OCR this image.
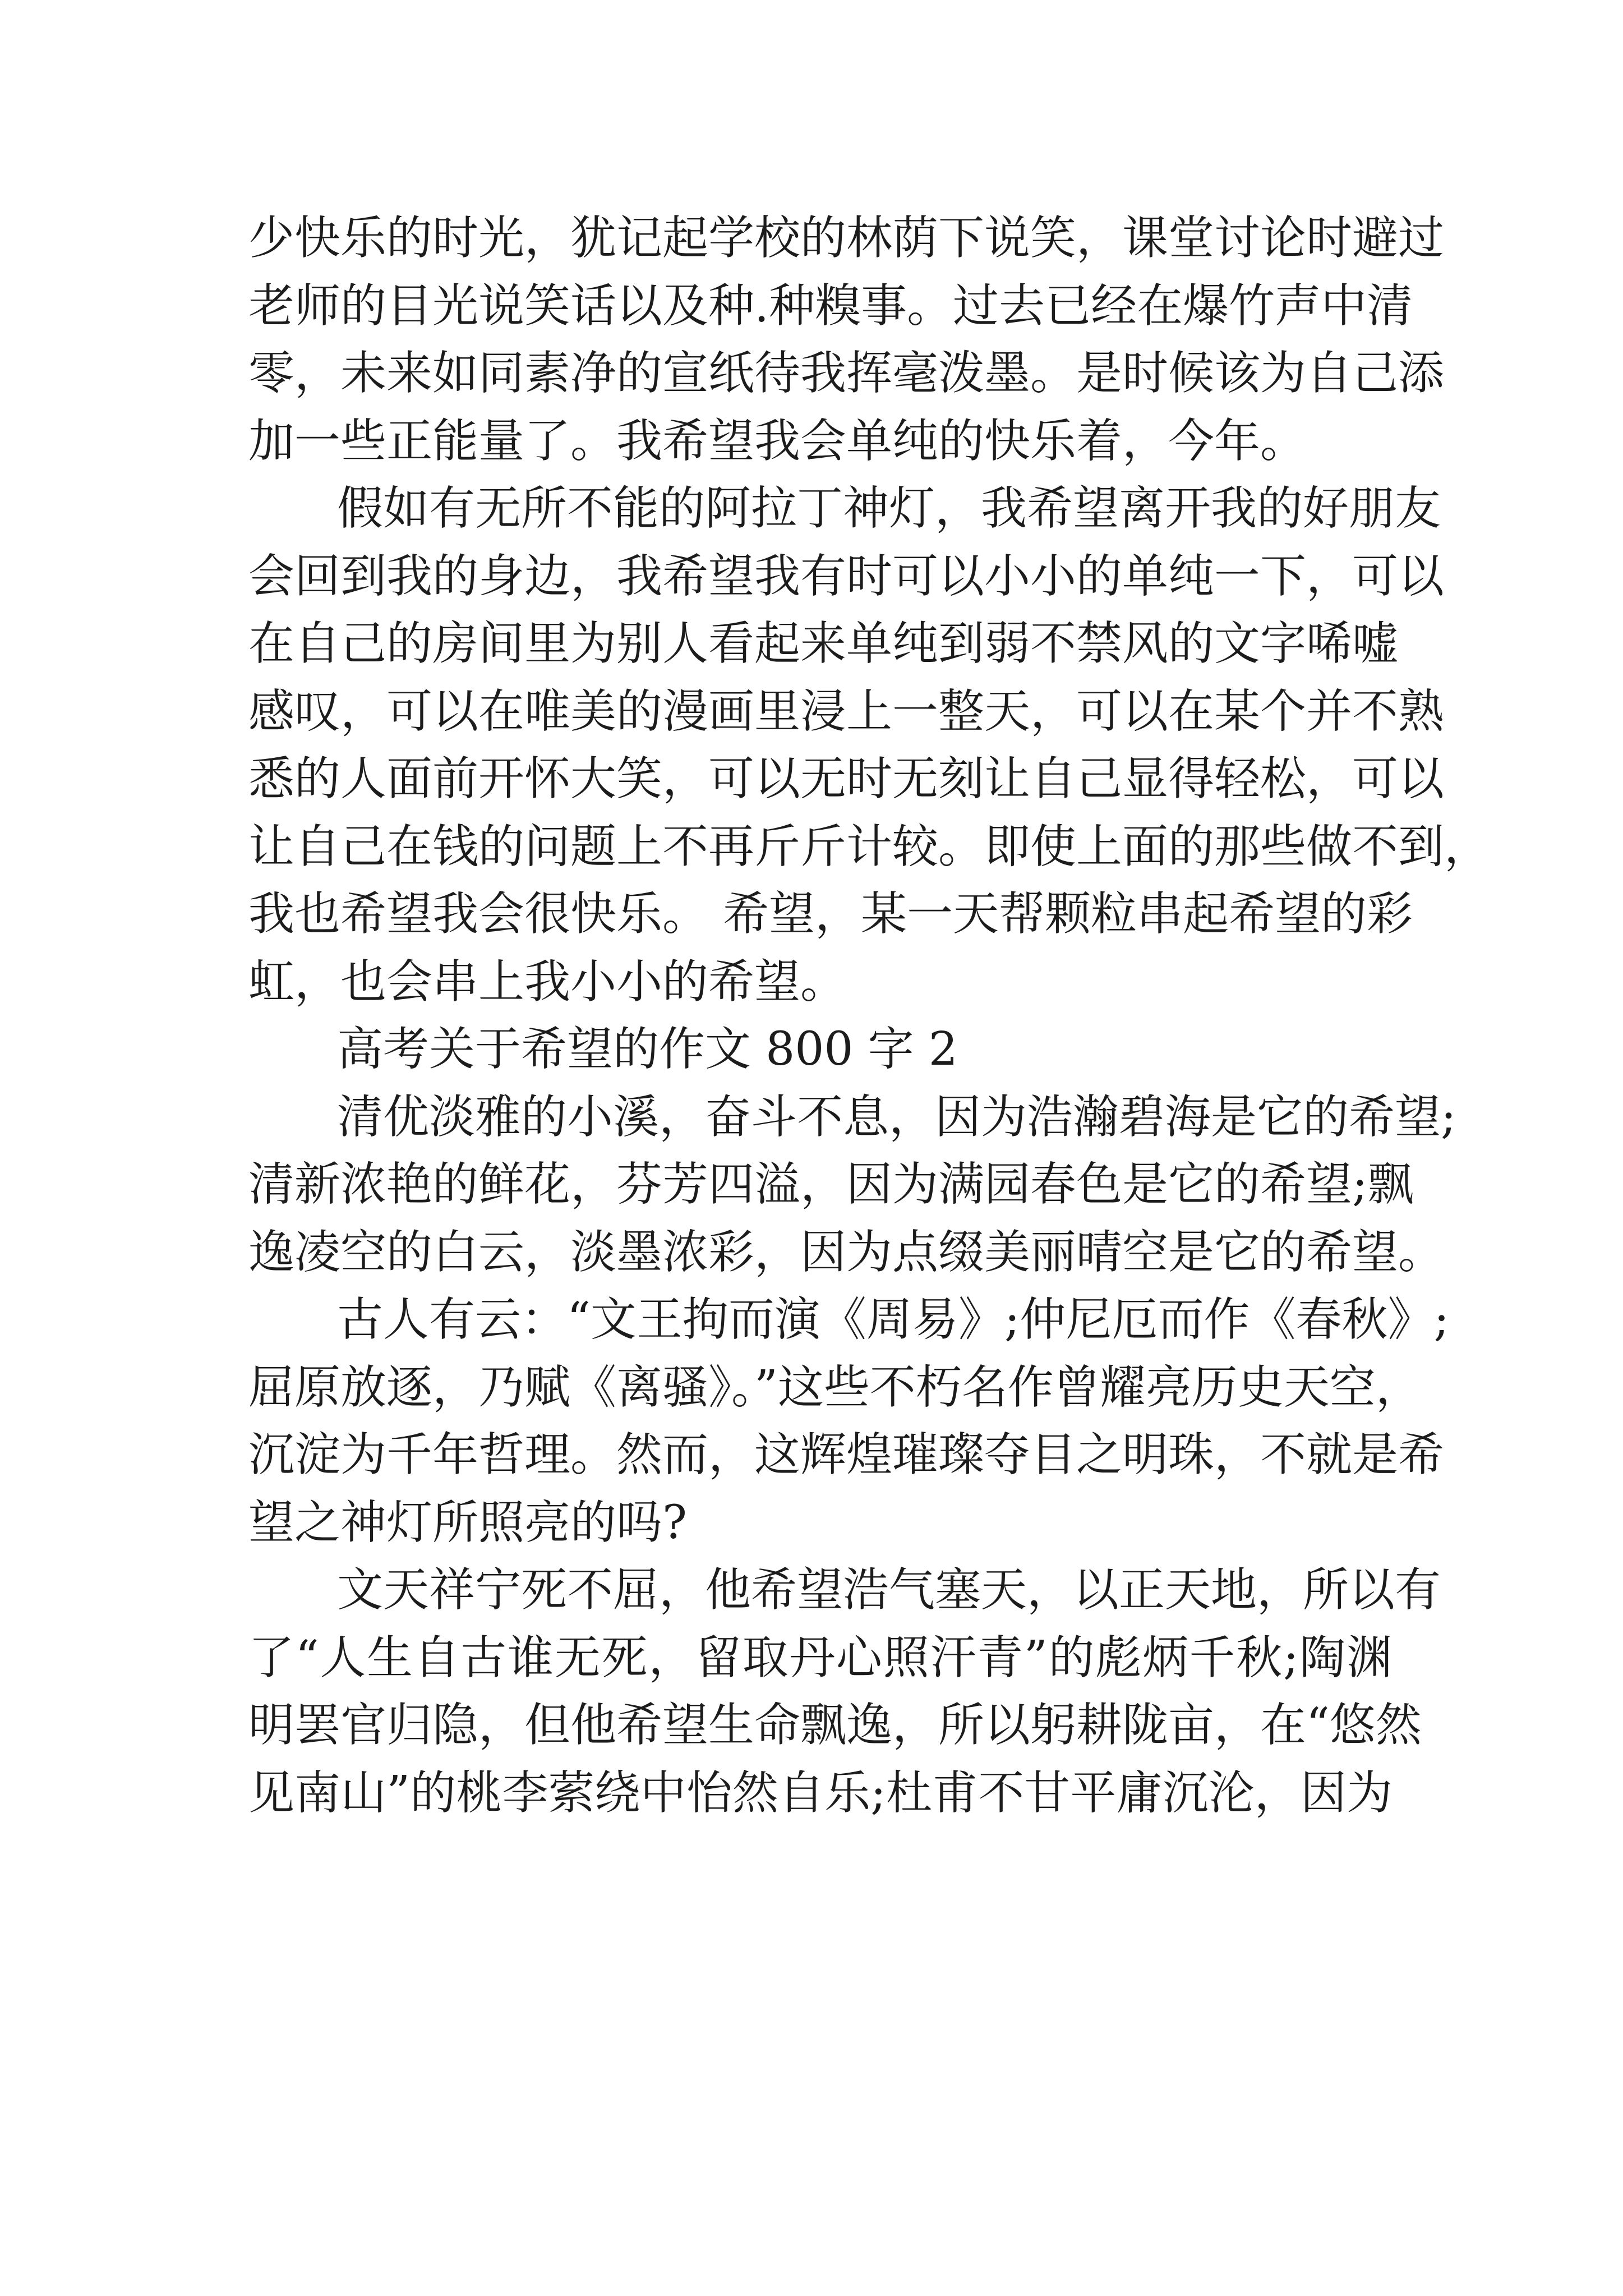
少快乐的时光，犹记起学校的林荫下说笑，课堂讨论时避过
老师的目光说笑话以及种.种糗事。过去已经在爆竹声中清
零，未来如同素净的宣纸待我挥毫泼墨。是时候该为自己添
加一些正能量了。我希望我会单纯的快乐着，今年。
假如有无所不能的阿拉丁神灯，我希望离开我的好朋友
会回到我的身边，我希望我有时可以小小的单纯一下，可以
在自己的房间里为别人看起来单纯到弱不禁风的文字唏嘘
感叹，可以在唯美的漫画里浸上一整天，可以在某个并不熟
悉的人面前开怀大笑，可以无时无刻让自己显得轻松，可以
让自己在钱的问题上不再斤斤计较。即使上面的那些做不到，
我也希望我会很快乐。 希望，某一天帮颗粒串起希望的彩
虹，也会串上我小小的希望。
高考关于希望的作文 800 字 2
清优淡雅的小溪，奋斗不息，因为浩瀚碧海是它的希望;
清新浓艳的鲜花，芬芳四溢，因为满园春色是它的希望;飘
逸凌空的白云，淡墨浓彩，因为点缀美丽晴空是它的希望。
古人有云：“文王拘而演《周易》;仲尼厄而作《春秋》;
屈原放逐，乃赋《离骚》。”这些不朽名作曾耀亮历史天空，
沉淀为千年哲理。然而，这辉煌璀璨夺目之明珠，不就是希
望之神灯所照亮的吗?
文天祥宁死不屈，他希望浩气塞天，以正天地，所以有
了“人生自古谁无死，留取丹心照汗青”的彪炳千秋;陶渊
明罢官归隐，但他希望生命飘逸，所以躬耕陇亩，在“悠然
见南山”的桃李萦绕中怡然自乐;杜甫不甘平庸沉沦，因为
